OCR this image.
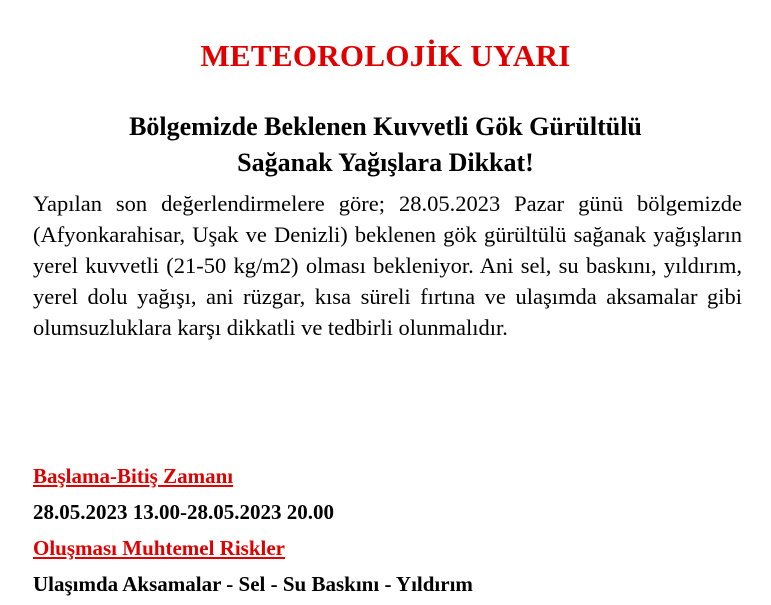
METEOROLOJİK UYARI
Bölgemizde Beklenen Kuvvetli Gök Gürültülü
Sağanak Yağışlara Dikkat!
Yapılan son değerlendirmelere göre; 28.05.2023 Pazar günü bölgemizde (Afyonkarahisar, Uşak ve Denizli) beklenen gök gürültülü sağanak yağışların yerel kuvvetli (21-50 kg/m2) olması bekleniyor. Ani sel, su baskını, yıldırım, yerel dolu yağışı, ani rüzgar, kısa süreli fırtına ve ulaşımda aksamalar gibi olumsuzluklara karşı dikkatli ve tedbirli olunmalıdır.
Başlama-Bitiş Zamanı
28.05.2023 13.00-28.05.2023 20.00
Oluşması Muhtemel Riskler
Ulaşımda Aksamalar - Sel - Su Baskını - Yıldırım
